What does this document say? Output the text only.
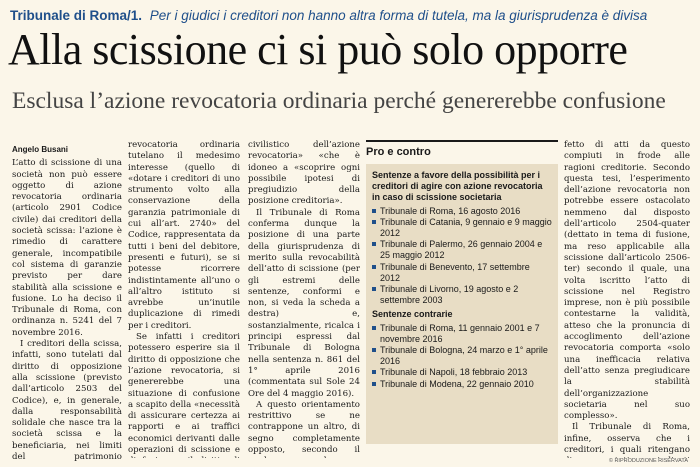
Tribunale di Roma/1. Per i giudici i creditori non hanno altra forma di tutela, ma la giurisprudenza è divisa
Alla scissione ci si può solo opporre
Esclusa l’azione revocatoria ordinaria perché genererebbe confusione
Angelo Busani

L’atto di scissione di una società non può essere oggetto di azione revocatoria ordinaria (articolo 2901 Codice civile) dai creditori della società scissa: l’azione è rimedio di carattere generale, incompatibile col sistema di garanzie previsto per dare stabilità alla scissione e fusione. Lo ha deciso il Tribunale di Roma, con ordinanza n. 5241 del 7 novembre 2016.

I creditori della scissa, infatti, sono tutelati dal diritto di opposizione alla scissione (previsto dall’articolo 2503 del Codice), e, in generale, dalla responsabilità solidale che nasce tra la società scissa e la beneficiaria, nei limiti del patrimonio

revocatoria ordinaria tutelano il medesimo interesse (quello di «dotare i creditori di uno strumento volto alla conservazione della garanzia patrimoniale di cui all’art. 2740» del Codice, rappresentata da tutti i beni del debitore, presenti e futuri), se si potesse ricorrere indistintamente all’uno o all’altro istituto si avrebbe un’inutile duplicazione di rimedi per i creditori.

Se infatti i creditori potessero esperire sia il diritto di opposizione che l’azione revocatoria, si genererebbe una situazione di confusione a scapito della «necessità di assicurare certezza ai rapporti e ai traffici economici derivanti dalle operazioni di scissione e

civilistico dell’azione revocatoria» «che è idoneo a «scoprire ogni possibile ipotesi di pregiudizio della posizione creditoria».

Il Tribunale di Roma conferma dunque la posizione di una parte della giurisprudenza di merito sulla revocabilità dell’atto di scissione (per gli estremi delle sentenze, conformi e non, si veda la scheda a destra) e, sostanzialmente, ricalca i principi espressi dal Tribunale di Bologna nella sentenza n. 861 del 1° aprile 2016 (commentata sul Sole 24 Ore del 4 maggio 2016).

A questo orientamento restrittivo se ne contrappone un altro, di segno completamente opposto, secondo il

Pro e contro
Sentenze a favore della possibilità per i creditori di agire con azione revocatoria in caso di scissione societaria
Tribunale di Roma, 16 agosto 2016
Tribunale di Catania, 9 gennaio e 9 maggio 2012
Tribunale di Palermo, 26 gennaio 2004 e 25 maggio 2012
Tribunale di Benevento, 17 settembre 2012
Tribunale di Livorno, 19 agosto e 2 settembre 2003
Sentenze contrarie
Tribunale di Roma, 11 gennaio 2001 e 7 novembre 2016
Tribunale di Bologna, 24 marzo e 1° aprile 2016
Tribunale di Napoli, 18 febbraio 2013
Tribunale di Modena, 22 gennaio 2010

fetto di atti da questo compiuti in frode alle ragioni creditorie. Secondo questa tesi, l’esperimento dell’azione revocatoria non potrebbe essere ostacolato nemmeno dal disposto dell’articolo 2504-quater (dettato in tema di fusione, ma reso applicabile alla scissione dall’articolo 2506-ter) secondo il quale, una volta iscritto l’atto di scissione nel Registro imprese, non è più possibile contestarne la validità, atteso che la pronuncia di accoglimento dell’azione revocatoria comporta «solo una inefficacia relativa dell’atto senza pregiudicare la stabilità dell’organizzazione societaria nel suo complesso».

Il Tribunale di Roma, infine, osserva che i creditori, i quali ritengano

© RIPRODUZIONE RISERVATA
